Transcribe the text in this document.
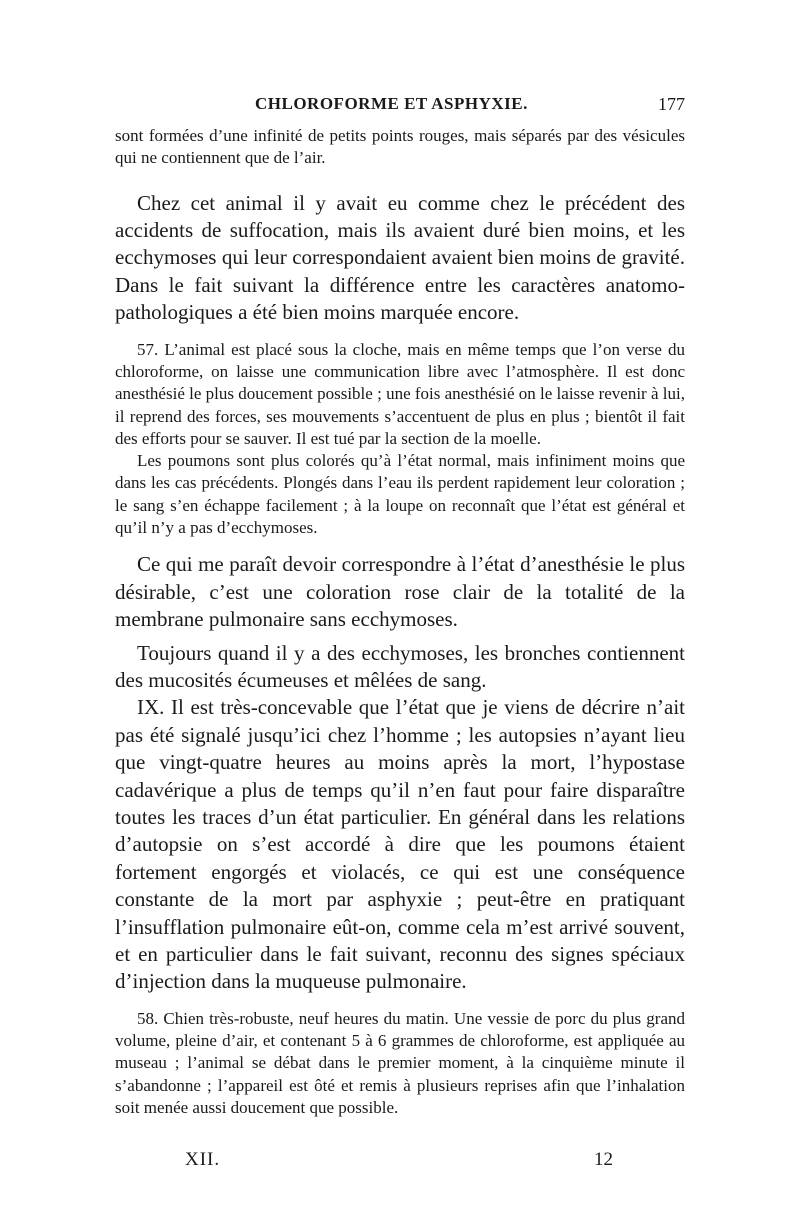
CHLOROFORME ET ASPHYXIE.	177

sont formées d’une infinité de petits points rouges, mais séparés par des vésicules qui ne contiennent que de l’air.

Chez cet animal il y avait eu comme chez le précédent des accidents de suffocation, mais ils avaient duré bien moins, et les ecchymoses qui leur correspondaient avaient bien moins de gravité. Dans le fait suivant la différence entre les caractères anatomo-pathologiques a été bien moins marquée encore.

57. L’animal est placé sous la cloche, mais en même temps que l’on verse du chloroforme, on laisse une communication libre avec l’atmosphère. Il est donc anesthésié le plus doucement possible ; une fois anesthésié on le laisse revenir à lui, il reprend des forces, ses mouvements s’accentuent de plus en plus ; bientôt il fait des efforts pour se sauver. Il est tué par la section de la moelle.

Les poumons sont plus colorés qu’à l’état normal, mais infiniment moins que dans les cas précédents. Plongés dans l’eau ils perdent rapidement leur coloration ; le sang s’en échappe facilement ; à la loupe on reconnaît que l’état est général et qu’il n’y a pas d’ecchymoses.

Ce qui me paraît devoir correspondre à l’état d’anesthésie le plus désirable, c’est une coloration rose clair de la totalité de la membrane pulmonaire sans ecchymoses.

Toujours quand il y a des ecchymoses, les bronches contiennent des mucosités écumeuses et mêlées de sang.

IX. Il est très-concevable que l’état que je viens de décrire n’ait pas été signalé jusqu’ici chez l’homme ; les autopsies n’ayant lieu que vingt-quatre heures au moins après la mort, l’hypostase cadavérique a plus de temps qu’il n’en faut pour faire disparaître toutes les traces d’un état particulier. En général dans les relations d’autopsie on s’est accordé à dire que les poumons étaient fortement engorgés et violacés, ce qui est une conséquence constante de la mort par asphyxie ; peut-être en pratiquant l’insufflation pulmonaire eût-on, comme cela m’est arrivé souvent, et en particulier dans le fait suivant, reconnu des signes spéciaux d’injection dans la muqueuse pulmonaire.

58. Chien très-robuste, neuf heures du matin. Une vessie de porc du plus grand volume, pleine d’air, et contenant 5 à 6 grammes de chloroforme, est appliquée au museau ; l’animal se débat dans le premier moment, à la cinquième minute il s’abandonne ; l’appareil est ôté et remis à plusieurs reprises afin que l’inhalation soit menée aussi doucement que possible.

XII.	12
